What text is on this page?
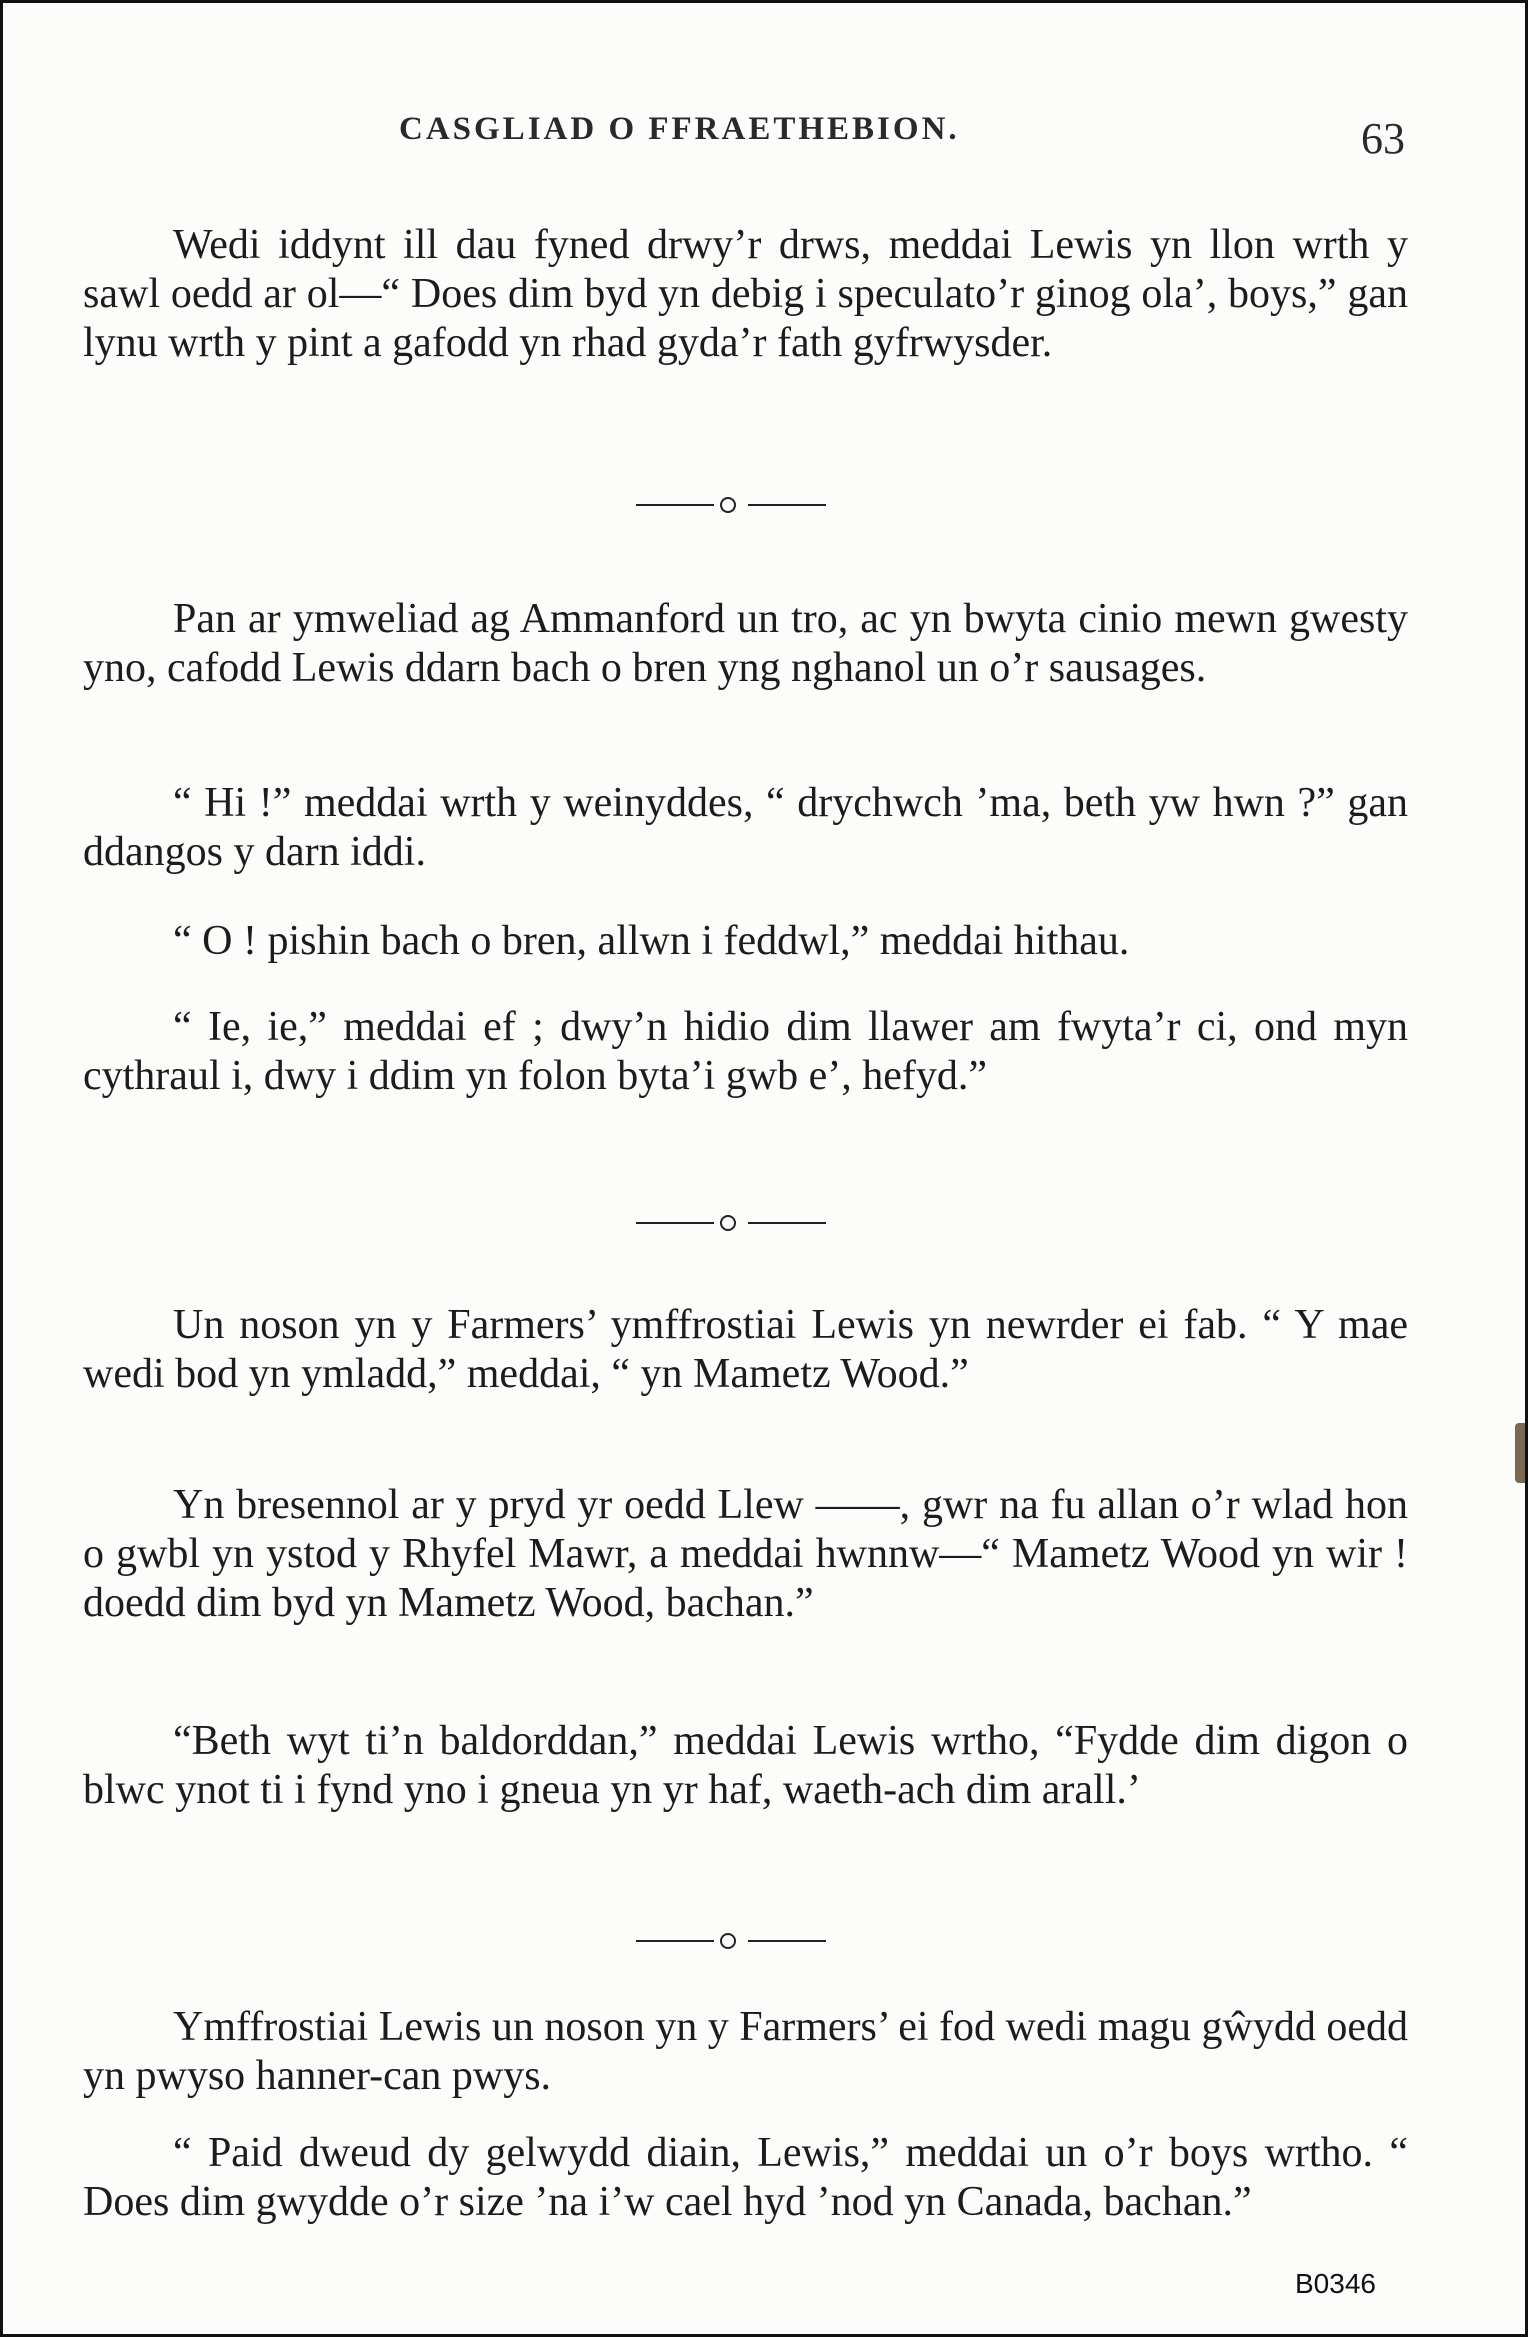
CASGLIAD O FFRAETHEBION.	63

Wedi iddynt ill dau fyned drwy’r drws, meddai Lewis yn llon wrth y sawl oedd ar ol—“ Does dim byd yn debig i speculato’r ginog ola’, boys,” gan lynu wrth y pint a gafodd yn rhad gyda’r fath gyfrwysder.

Pan ar ymweliad ag Ammanford un tro, ac yn bwyta cinio mewn gwesty yno, cafodd Lewis ddarn bach o bren yng nghanol un o’r sausages.

“ Hi !” meddai wrth y weinyddes, “ drychwch ’ma, beth yw hwn ?” gan ddangos y darn iddi.

“ O ! pishin bach o bren, allwn i feddwl,” meddai hithau.

“ Ie, ie,” meddai ef ; dwy’n hidio dim llawer am fwyta’r ci, ond myn cythraul i, dwy i ddim yn folon byta’i gwb e’, hefyd.”

Un noson yn y Farmers’ ymffrostiai Lewis yn newrder ei fab. “ Y mae wedi bod yn ymladd,” meddai, “ yn Mametz Wood.”

Yn bresennol ar y pryd yr oedd Llew ——, gwr na fu allan o’r wlad hon o gwbl yn ystod y Rhyfel Mawr, a meddai hwnnw—“ Mametz Wood yn wir ! doedd dim byd yn Mametz Wood, bachan.”

“Beth wyt ti’n baldorddan,” meddai Lewis wrtho, “Fydde dim digon o blwc ynot ti i fynd yno i gneua yn yr haf, waeth-ach dim arall.’

Ymffrostiai Lewis un noson yn y Farmers’ ei fod wedi magu gŵydd oedd yn pwyso hanner-can pwys.

“ Paid dweud dy gelwydd diain, Lewis,” meddai un o’r boys wrtho. “ Does dim gwydde o’r size ’na i’w cael hyd ’nod yn Canada, bachan.”

B0346
